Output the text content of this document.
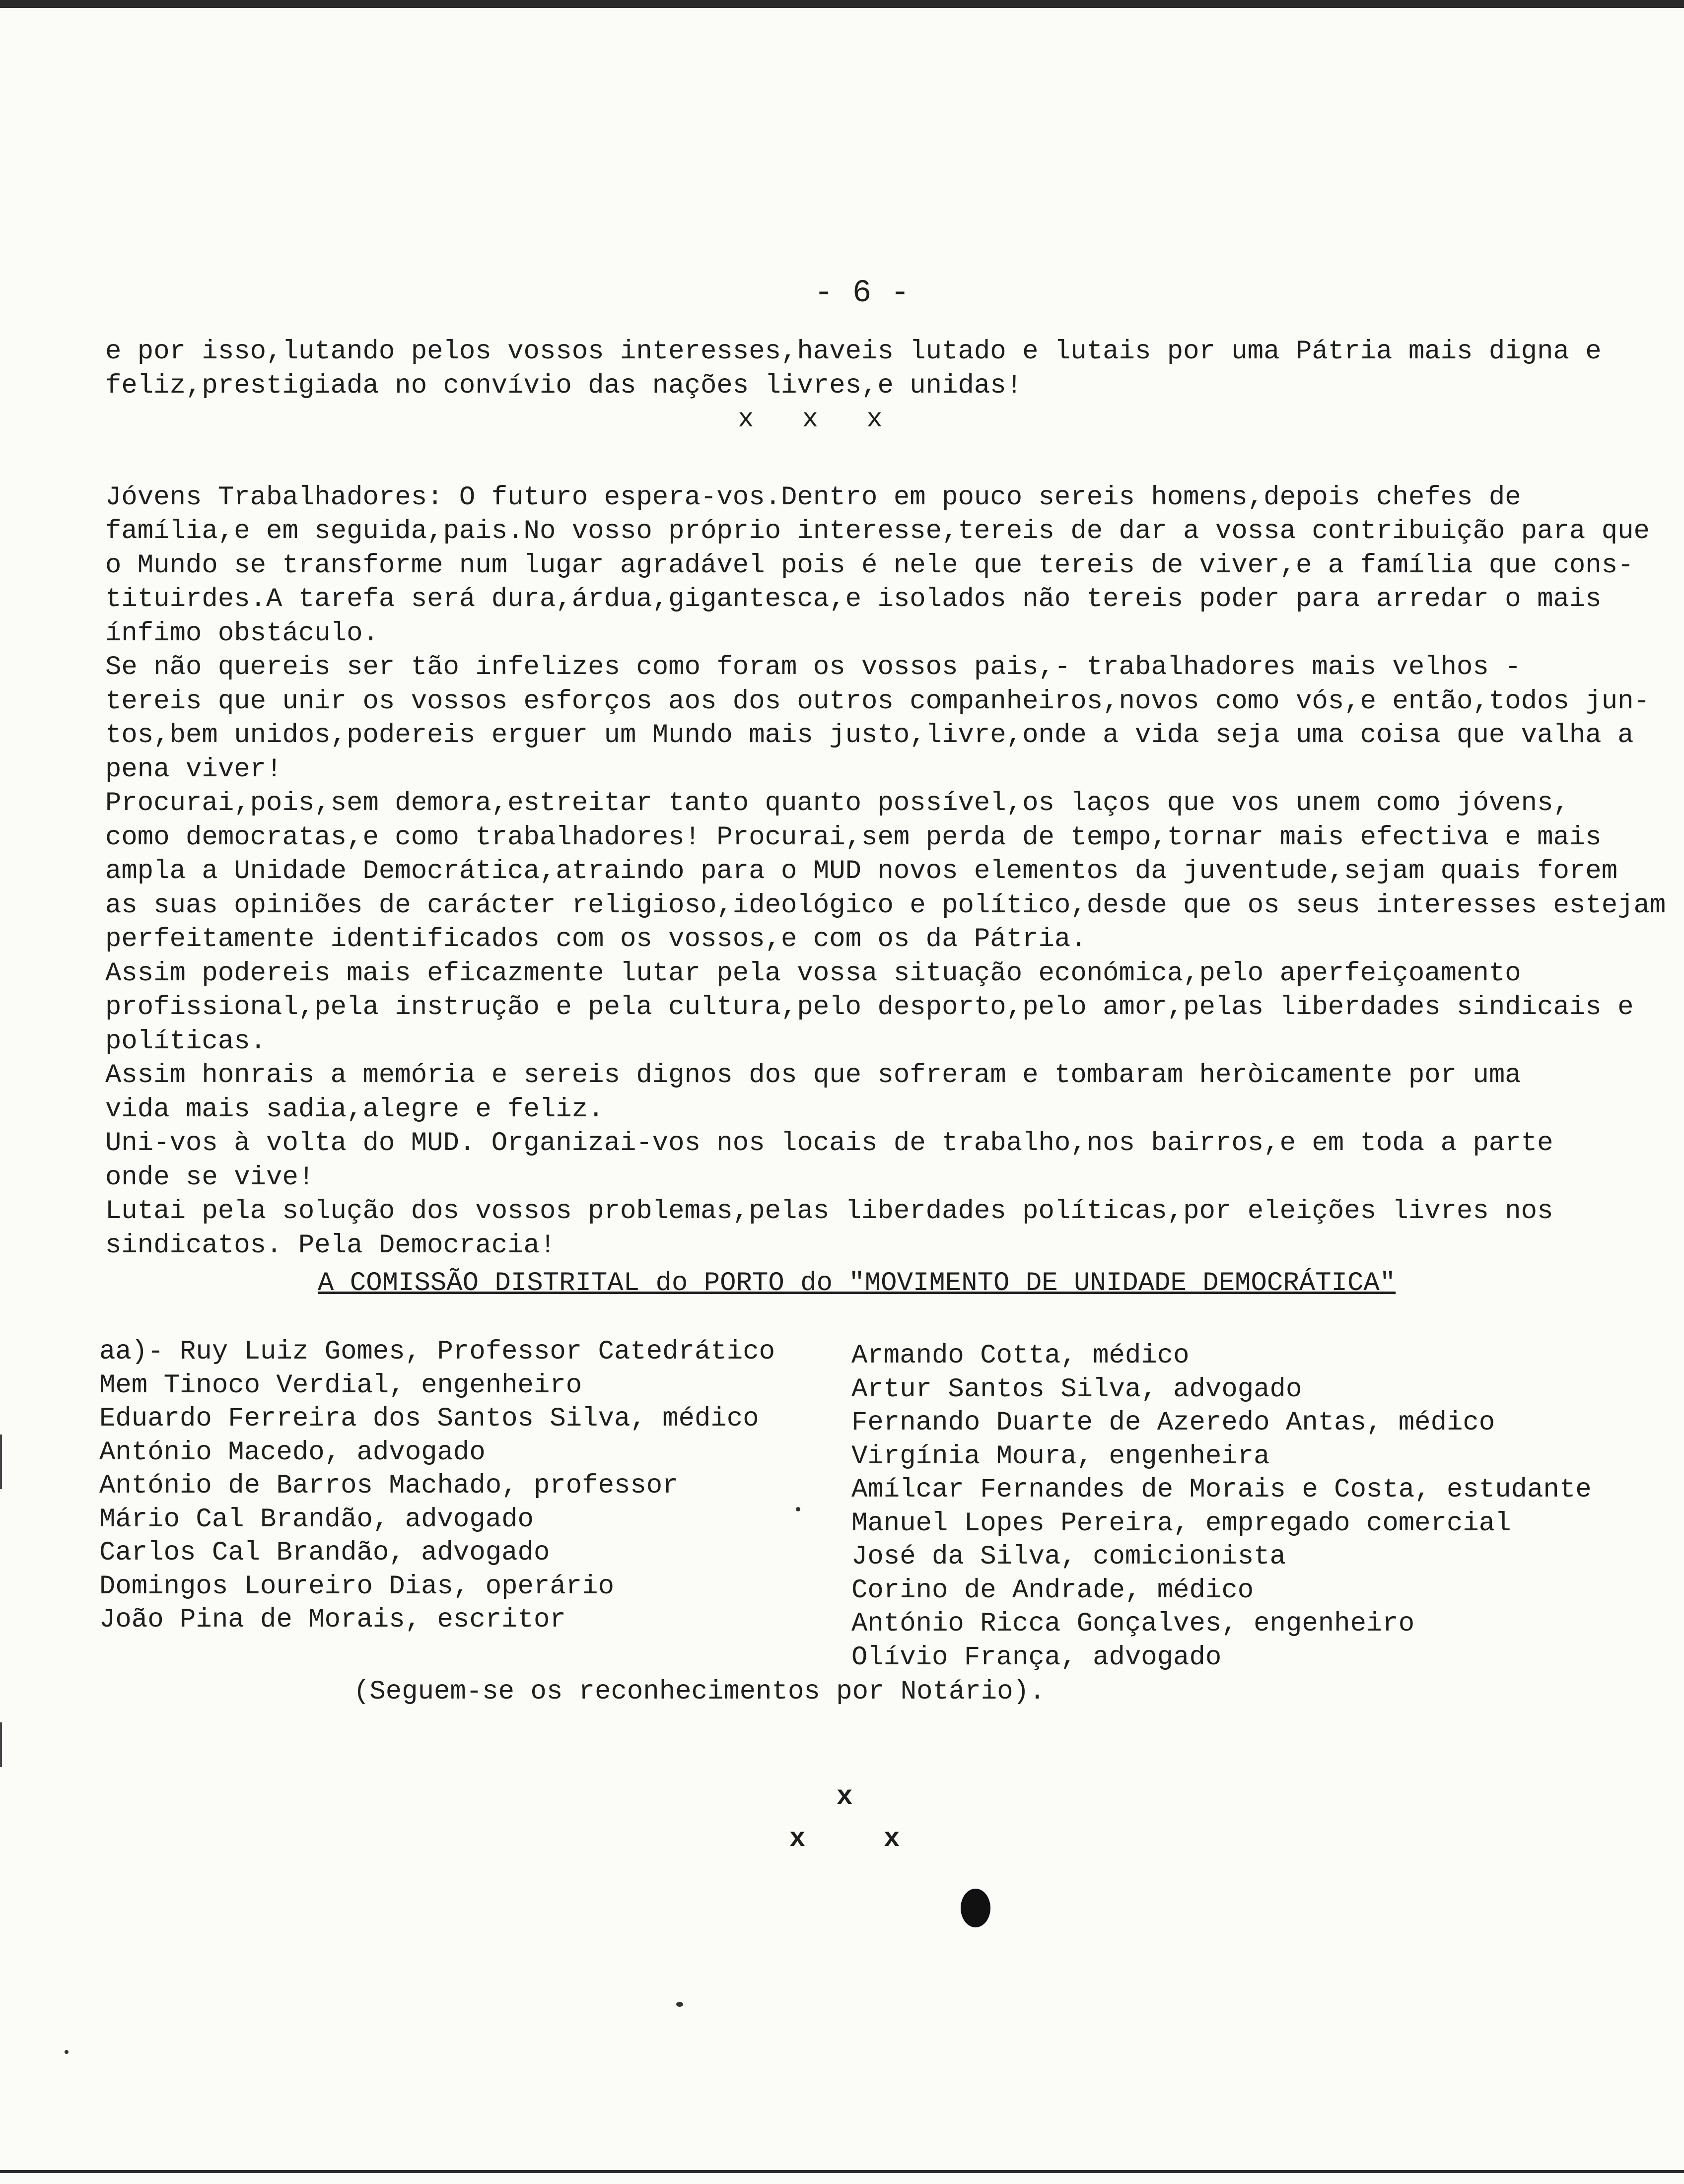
- 6 -
e por isso,lutando pelos vossos interesses,haveis lutado e lutais por uma Pátria mais digna e
feliz,prestigiada no convívio das nações livres,e unidas!
x   x   x
Jóvens Trabalhadores: O futuro espera-vos.Dentro em pouco sereis homens,depois chefes de
família,e em seguida,pais.No vosso próprio interesse,tereis de dar a vossa contribuição para que
o Mundo se transforme num lugar agradável pois é nele que tereis de viver,e a família que cons-
tituirdes.A tarefa será dura,árdua,gigantesca,e isolados não tereis poder para arredar o mais
ínfimo obstáculo.
Se não quereis ser tão infelizes como foram os vossos pais,- trabalhadores mais velhos -
tereis que unir os vossos esforços aos dos outros companheiros,novos como vós,e então,todos jun-
tos,bem unidos,podereis erguer um Mundo mais justo,livre,onde a vida seja uma coisa que valha a
pena viver!
Procurai,pois,sem demora,estreitar tanto quanto possível,os laços que vos unem como jóvens,
como democratas,e como trabalhadores! Procurai,sem perda de tempo,tornar mais efectiva e mais
ampla a Unidade Democrática,atraindo para o MUD novos elementos da juventude,sejam quais forem
as suas opiniões de carácter religioso,ideológico e político,desde que os seus interesses estejam
perfeitamente identificados com os vossos,e com os da Pátria.
Assim podereis mais eficazmente lutar pela vossa situação económica,pelo aperfeiçoamento
profissional,pela instrução e pela cultura,pelo desporto,pelo amor,pelas liberdades sindicais e
políticas.
Assim honrais a memória e sereis dignos dos que sofreram e tombaram heròicamente por uma
vida mais sadia,alegre e feliz.
Uni-vos à volta do MUD. Organizai-vos nos locais de trabalho,nos bairros,e em toda a parte
onde se vive!
Lutai pela solução dos vossos problemas,pelas liberdades políticas,por eleições livres nos
sindicatos. Pela Democracia!
A COMISSÃO DISTRITAL do PORTO do "MOVIMENTO DE UNIDADE DEMOCRÁTICA"
aa)- Ruy Luiz Gomes, Professor Catedrático
Mem Tinoco Verdial, engenheiro
Eduardo Ferreira dos Santos Silva, médico
António Macedo, advogado
António de Barros Machado, professor
Mário Cal Brandão, advogado
Carlos Cal Brandão, advogado
Domingos Loureiro Dias, operário
João Pina de Morais, escritor
Armando Cotta, médico
Artur Santos Silva, advogado
Fernando Duarte de Azeredo Antas, médico
Virgínia Moura, engenheira
Amílcar Fernandes de Morais e Costa, estudante
Manuel Lopes Pereira, empregado comercial
José da Silva, comicionista
Corino de Andrade, médico
António Ricca Gonçalves, engenheiro
Olívio França, advogado
(Seguem-se os reconhecimentos por Notário).
x
x	x
